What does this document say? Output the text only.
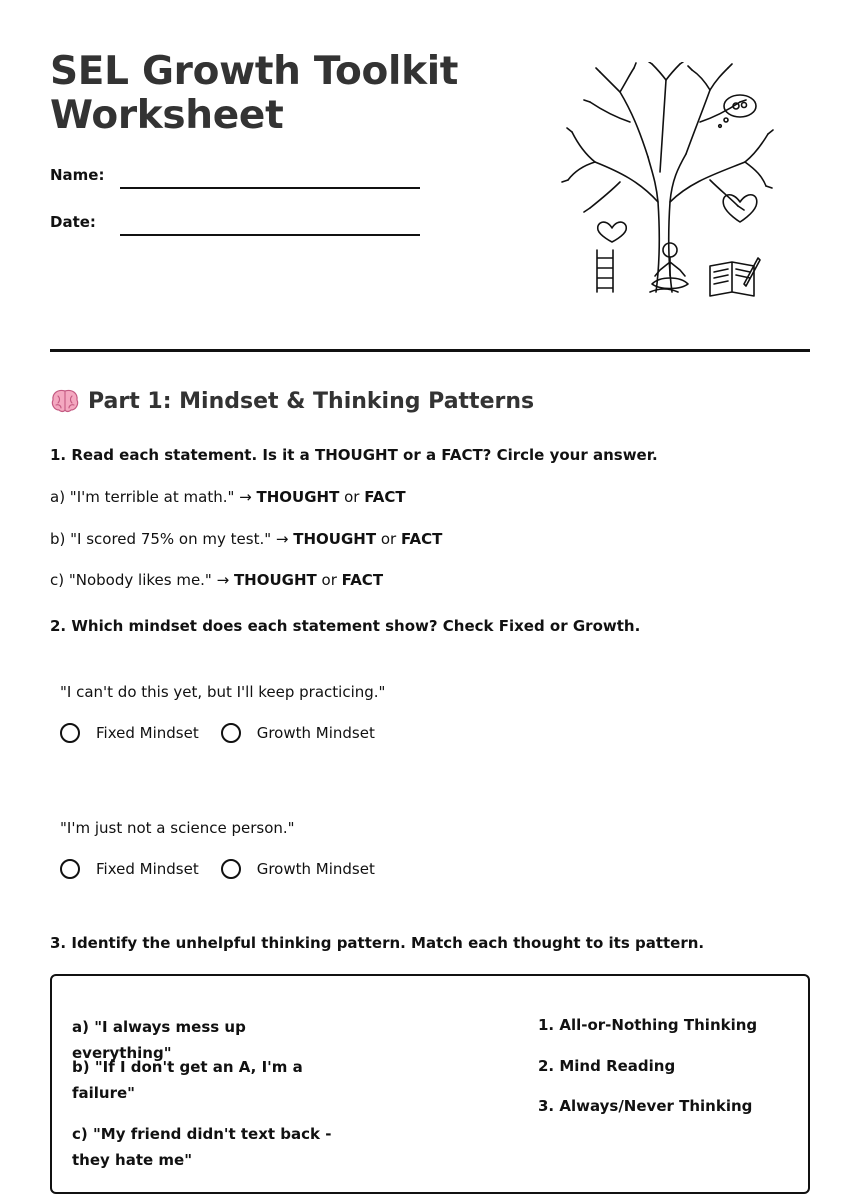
SEL Growth Toolkit
Worksheet
Name:
Date:
Part 1: Mindset & Thinking Patterns
1. Read each statement. Is it a THOUGHT or a FACT? Circle your answer.
a) "I'm terrible at math." → THOUGHT or FACT
b) "I scored 75% on my test." → THOUGHT or FACT
c) "Nobody likes me." → THOUGHT or FACT
2. Which mindset does each statement show? Check Fixed or Growth.
"I can't do this yet, but I'll keep practicing."
Fixed Mindset	Growth Mindset
"I'm just not a science person."
Fixed Mindset	Growth Mindset
3. Identify the unhelpful thinking pattern. Match each thought to its pattern.
a) "I always mess up everything"
b) "If I don't get an A, I'm a failure"
c) "My friend didn't text back - they hate me"
1. All-or-Nothing Thinking
2. Mind Reading
3. Always/Never Thinking
